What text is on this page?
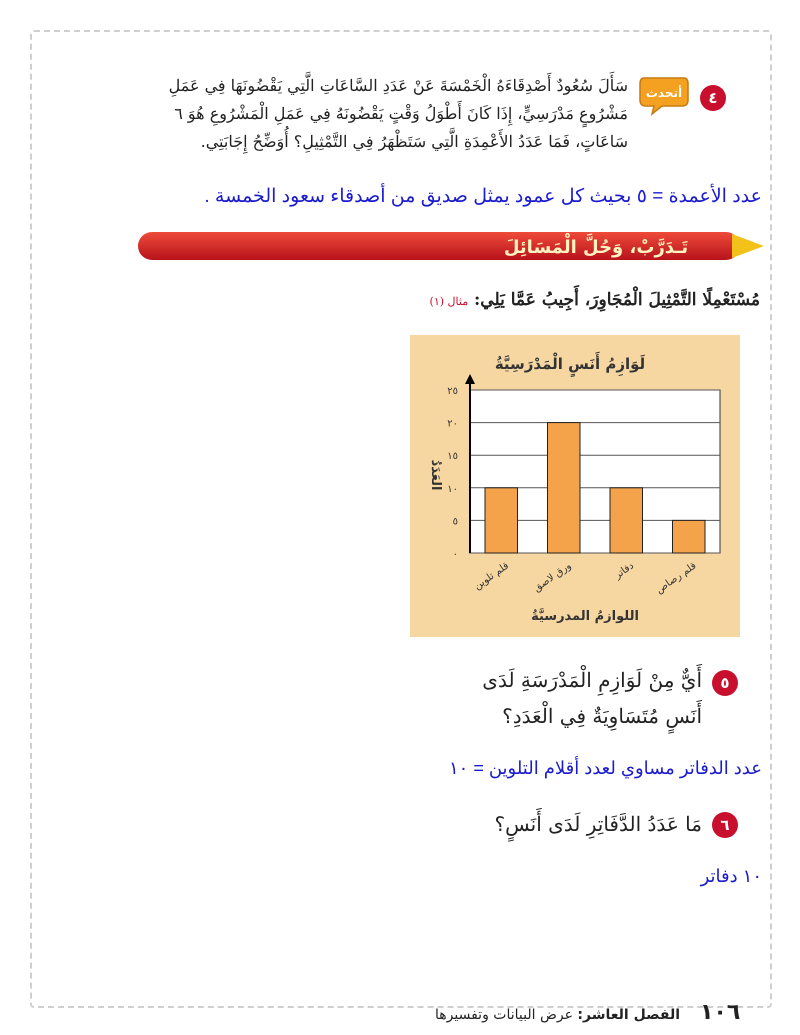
٤
أتحدث
سَأَلَ سُعُودٌ أَصْدِقَاءَهُ الْخَمْسَةَ عَنْ عَدَدِ السَّاعَاتِ الَّتِي يَقْضُونَهَا فِي عَمَلِ مَشْرُوعٍ مَدْرَسِيٍّ، إِذَا كَانَ أَطْوَلُ وَقْتٍ يَقْضُونَهُ فِي عَمَلِ الْمَشْرُوعِ هُوَ ٦ سَاعَاتٍ، فَمَا عَدَدُ الأَعْمِدَةِ الَّتِي سَتَظْهَرُ فِي التَّمْثِيلِ؟ أُوَضِّحُ إِجَابَتِي.
عدد الأعمدة = ٥ بحيث كل عمود يمثل صديق من أصدقاء سعود الخمسة .
تَـدَرَّبْ، وَحُلَّ الْمَسَائِلَ
مُسْتَعْمِلًا التَّمْثِيلَ الْمُجَاوِرَ، أَجِيبُ عَمَّا يَلِي: مثال (١)
لَوَازِمُ أَنَسٍ الْمَدْرَسِيَّةُ
٠
٥
١٠
١٥
٢٠
٢٥
قلم تلوين ورق لاصق	دفاتر قلم رصاص
العَدَدُ
اللوازمُ المدرسيَّةُ
٥
أَيٌّ مِنْ لَوَازِمِ الْمَدْرَسَةِ لَدَى أَنَسٍ مُتَسَاوِيَةٌ فِي الْعَدَدِ؟
عدد الدفاتر مساوي لعدد أقلام التلوين = ١٠
٦
مَا عَدَدُ الدَّفَاتِرِ لَدَى أَنَسٍ؟
١٠ دفاتر
١٠٦
الفصل العاشر: عرض البيانات وتفسيرها
